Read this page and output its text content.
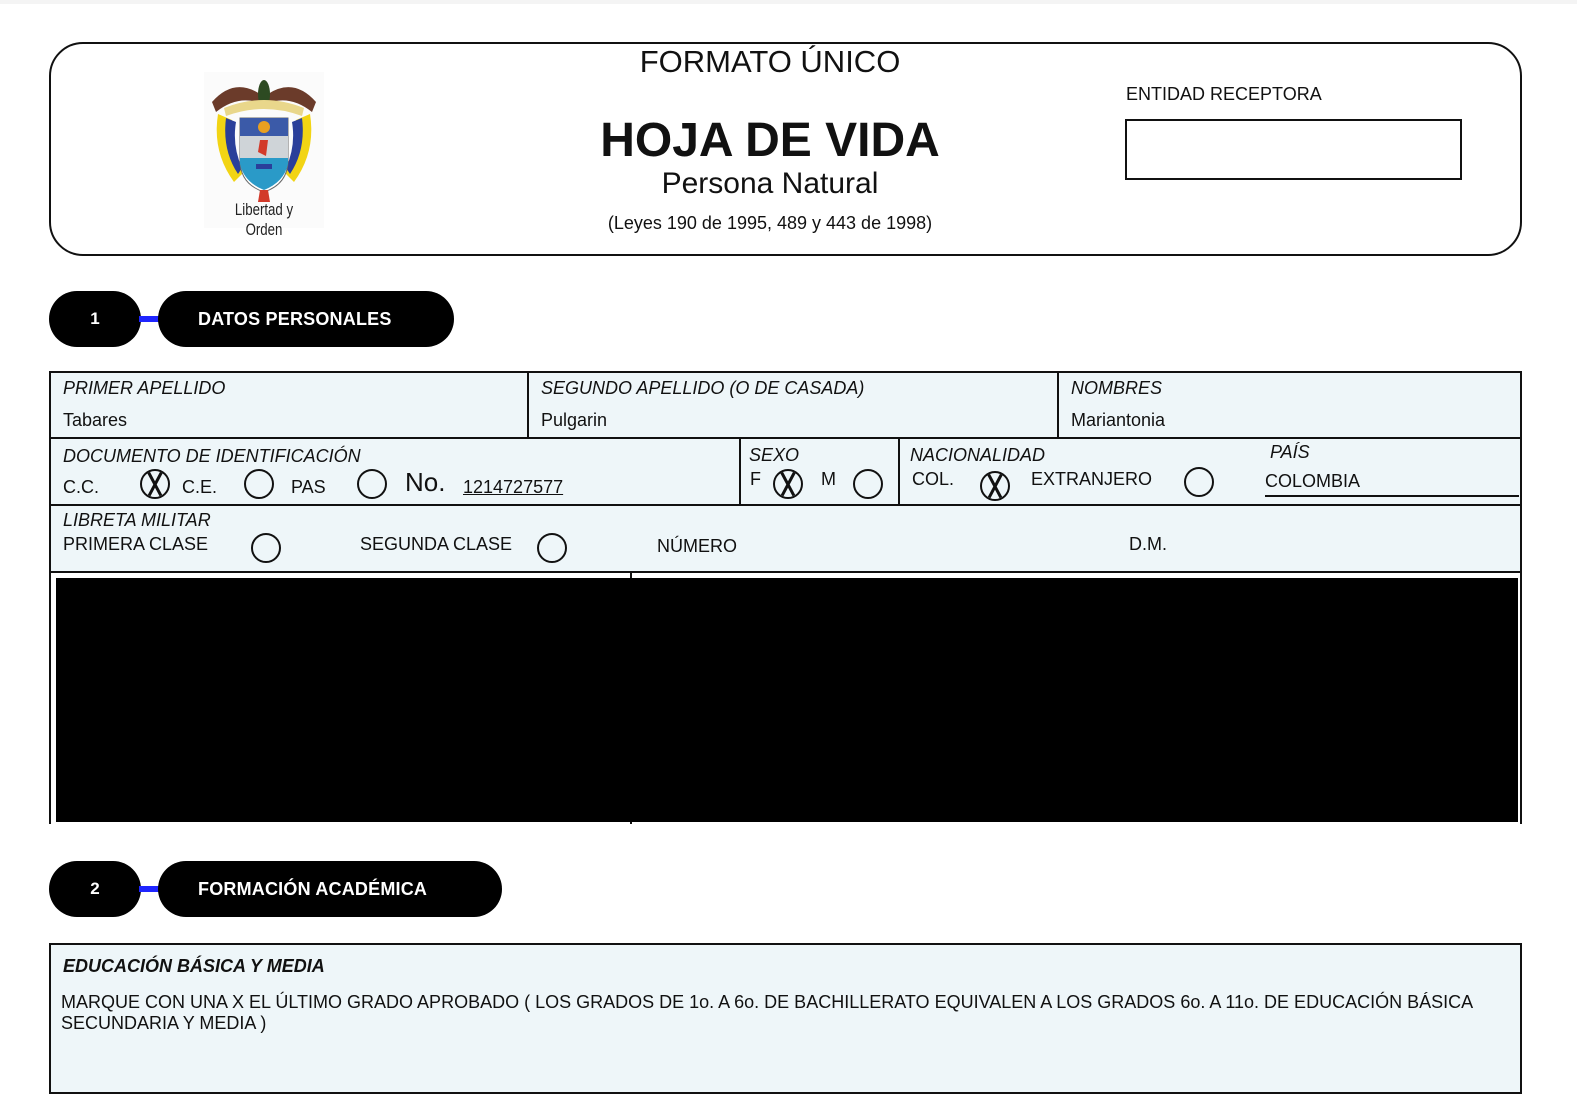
Libertad y Orden
FORMATO ÚNICO
HOJA DE VIDA
Persona Natural
(Leyes 190 de 1995, 489 y 443 de 1998)
ENTIDAD RECEPTORA
1	DATOS PERSONALES
PRIMER APELLIDO
Tabares
SEGUNDO APELLIDO (O DE CASADA)
Pulgarin
NOMBRES
Mariantonia
DOCUMENTO DE IDENTIFICACIÓN
C.C.	C.E.	PAS	No. 1214727577
SEXO
F	M
NACIONALIDAD
COL.	EXTRANJERO
PAÍS
COLOMBIA
LIBRETA MILITAR
PRIMERA CLASE	SEGUNDA CLASE	NÚMERO	D.M.
2	FORMACIÓN ACADÉMICA
EDUCACIÓN BÁSICA Y MEDIA
MARQUE CON UNA X EL ÚLTIMO GRADO APROBADO ( LOS GRADOS DE 1o. A 6o. DE BACHILLERATO EQUIVALEN A LOS GRADOS 6o. A 11o. DE EDUCACIÓN BÁSICA SECUNDARIA Y MEDIA )
